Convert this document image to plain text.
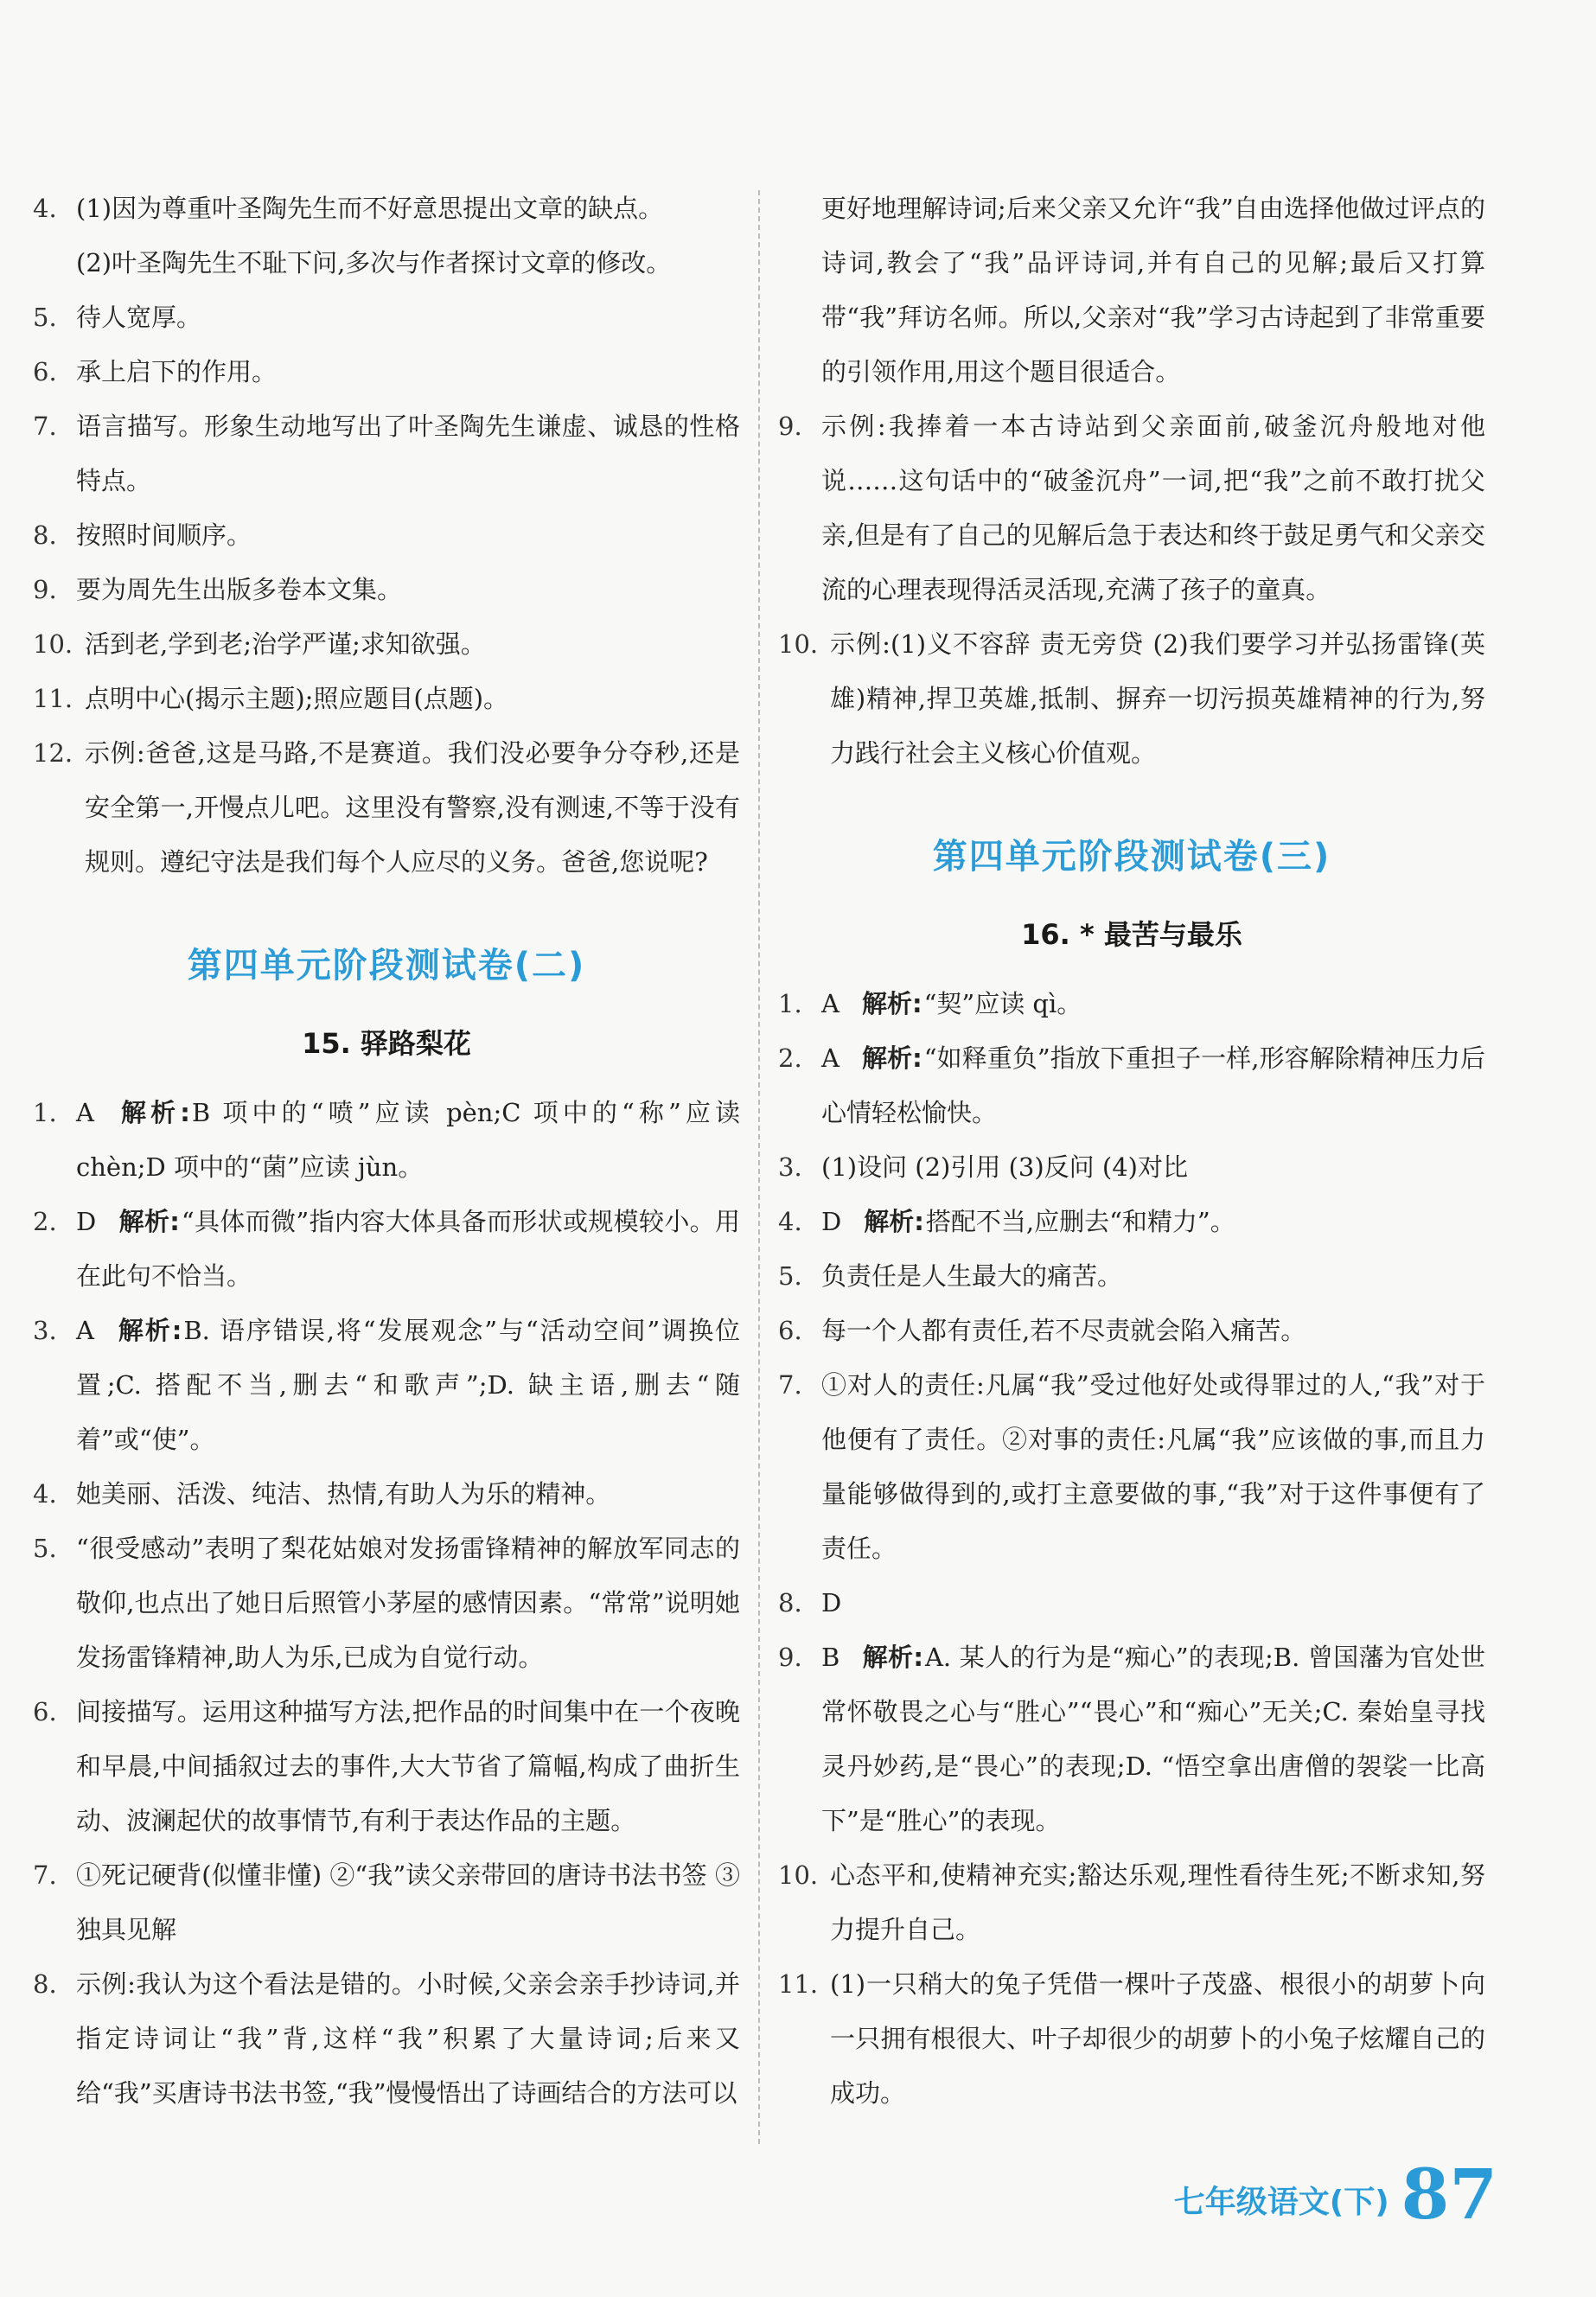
4. (1)因为尊重叶圣陶先生而不好意思提出文章的缺点。
(2)叶圣陶先生不耻下问,多次与作者探讨文章的修改。
5. 待人宽厚。
6. 承上启下的作用。
7. 语言描写。形象生动地写出了叶圣陶先生谦虚、诚恳的性格特点。
8. 按照时间顺序。
9. 要为周先生出版多卷本文集。
10. 活到老,学到老;治学严谨;求知欲强。
11. 点明中心(揭示主题);照应题目(点题)。
12. 示例:爸爸,这是马路,不是赛道。我们没必要争分夺秒,还是安全第一,开慢点儿吧。这里没有警察,没有测速,不等于没有规则。遵纪守法是我们每个人应尽的义务。爸爸,您说呢?
第四单元阶段测试卷(二)
15. 驿路梨花
1. A 解析:B 项中的“喷”应读 pèn;C 项中的“称”应读 chèn;D 项中的“菌”应读 jùn。
2. D 解析:“具体而微”指内容大体具备而形状或规模较小。用在此句不恰当。
3. A 解析:B. 语序错误,将“发展观念”与“活动空间”调换位置;C. 搭配不当,删去“和歌声”;D. 缺主语,删去“随着”或“使”。
4. 她美丽、活泼、纯洁、热情,有助人为乐的精神。
5. “很受感动”表明了梨花姑娘对发扬雷锋精神的解放军同志的敬仰,也点出了她日后照管小茅屋的感情因素。“常常”说明她发扬雷锋精神,助人为乐,已成为自觉行动。
6. 间接描写。运用这种描写方法,把作品的时间集中在一个夜晚和早晨,中间插叙过去的事件,大大节省了篇幅,构成了曲折生动、波澜起伏的故事情节,有利于表达作品的主题。
7. ①死记硬背(似懂非懂) ②“我”读父亲带回的唐诗书法书签 ③独具见解
8. 示例:我认为这个看法是错的。小时候,父亲会亲手抄诗词,并指定诗词让“我”背,这样“我”积累了大量诗词;后来又给“我”买唐诗书法书签,“我”慢慢悟出了诗画结合的方法可以
更好地理解诗词;后来父亲又允许“我”自由选择他做过评点的诗词,教会了“我”品评诗词,并有自己的见解;最后又打算带“我”拜访名师。所以,父亲对“我”学习古诗起到了非常重要的引领作用,用这个题目很适合。
9. 示例:我捧着一本古诗站到父亲面前,破釜沉舟般地对他说……这句话中的“破釜沉舟”一词,把“我”之前不敢打扰父亲,但是有了自己的见解后急于表达和终于鼓足勇气和父亲交流的心理表现得活灵活现,充满了孩子的童真。
10. 示例:(1)义不容辞 责无旁贷 (2)我们要学习并弘扬雷锋(英雄)精神,捍卫英雄,抵制、摒弃一切污损英雄精神的行为,努力践行社会主义核心价值观。
第四单元阶段测试卷(三)
16. * 最苦与最乐
1. A 解析:“契”应读 qì。
2. A 解析:“如释重负”指放下重担子一样,形容解除精神压力后心情轻松愉快。
3. (1)设问 (2)引用 (3)反问 (4)对比
4. D 解析:搭配不当,应删去“和精力”。
5. 负责任是人生最大的痛苦。
6. 每一个人都有责任,若不尽责就会陷入痛苦。
7. ①对人的责任:凡属“我”受过他好处或得罪过的人,“我”对于他便有了责任。②对事的责任:凡属“我”应该做的事,而且力量能够做得到的,或打主意要做的事,“我”对于这件事便有了责任。
8. D
9. B 解析:A. 某人的行为是“痴心”的表现;B. 曾国藩为官处世常怀敬畏之心与“胜心”“畏心”和“痴心”无关;C. 秦始皇寻找灵丹妙药,是“畏心”的表现;D. “悟空拿出唐僧的袈裟一比高下”是“胜心”的表现。
10. 心态平和,使精神充实;豁达乐观,理性看待生死;不断求知,努力提升自己。
11. (1)一只稍大的兔子凭借一棵叶子茂盛、根很小的胡萝卜向一只拥有根很大、叶子却很少的胡萝卜的小兔子炫耀自己的成功。
七年级语文(下) 87
